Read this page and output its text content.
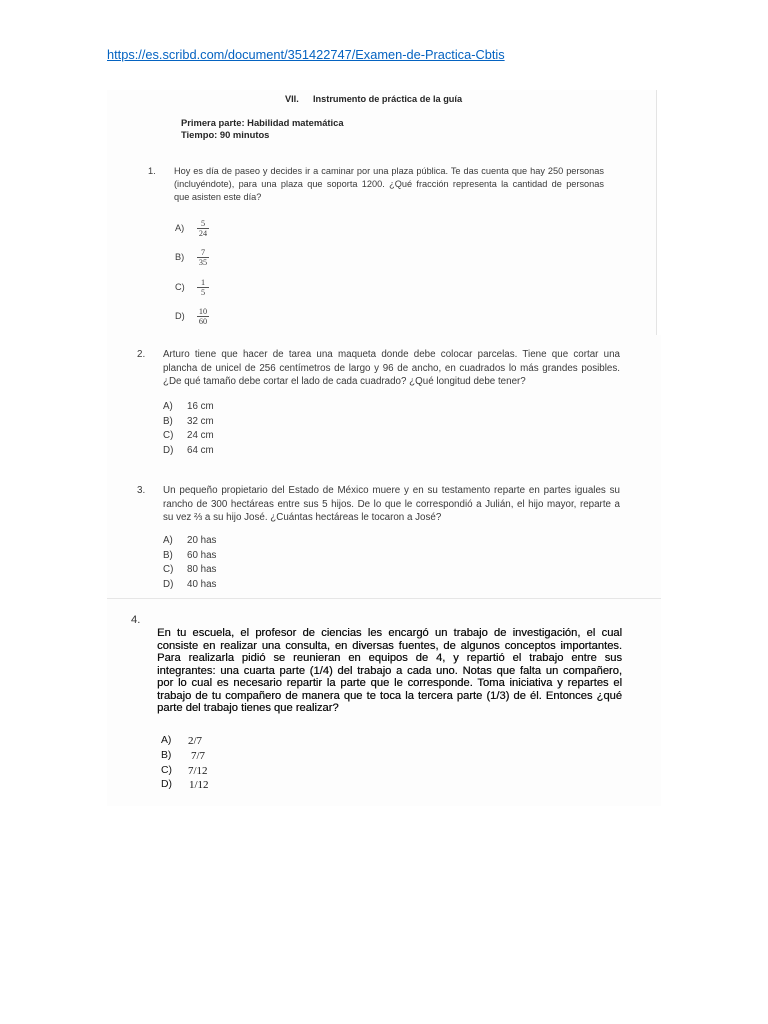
https://es.scribd.com/document/351422747/Examen-de-Practica-Cbtis
VII. Instrumento de práctica de la guía
Primera parte: Habilidad matemática
Tiempo: 90 minutos
1. Hoy es día de paseo y decides ir a caminar por una plaza pública. Te das cuenta que hay 250 personas
(incluyéndote), para una plaza que soporta 1200. ¿Qué fracción representa la cantidad de personas
que asisten este día?
A)	$\frac{5}{24}$
B)	$\frac{7}{35}$
C)	$\frac{1}{5}$
D)	$\frac{10}{60}$
2. Arturo tiene que hacer de tarea una maqueta donde debe colocar parcelas. Tiene que cortar una
plancha de unicel de 256 centímetros de largo y 96 de ancho, en cuadrados lo más grandes posibles.
¿De qué tamaño debe cortar el lado de cada cuadrado? ¿Qué longitud debe tener?
A)	16 cm
B)	32 cm
C)	24 cm
D)	64 cm
3. Un pequeño propietario del Estado de México muere y en su testamento reparte en partes iguales su
rancho de 300 hectáreas entre sus 5 hijos. De lo que le correspondió a Julián, el hijo mayor, reparte a
su vez ⅔ a su hijo José. ¿Cuántas hectáreas le tocaron a José?
A)	20 has
B)	60 has
C)	80 has
D)	40 has
4.
En tu escuela, el profesor de ciencias les encargó un trabajo de investigación, el cual
consiste en realizar una consulta, en diversas fuentes, de algunos conceptos importantes.
Para realizarla pidió se reunieran en equipos de 4, y repartió el trabajo entre sus
integrantes: una cuarta parte (1/4) del trabajo a cada uno. Notas que falta un compañero,
por lo cual es necesario repartir la parte que le corresponde. Toma iniciativa y repartes el
trabajo de tu compañero de manera que te toca la tercera parte (1/3) de él. Entonces ¿qué
parte del trabajo tienes que realizar?
A)	2/7
B)	7/7
C)	7/12
D)	1/12
